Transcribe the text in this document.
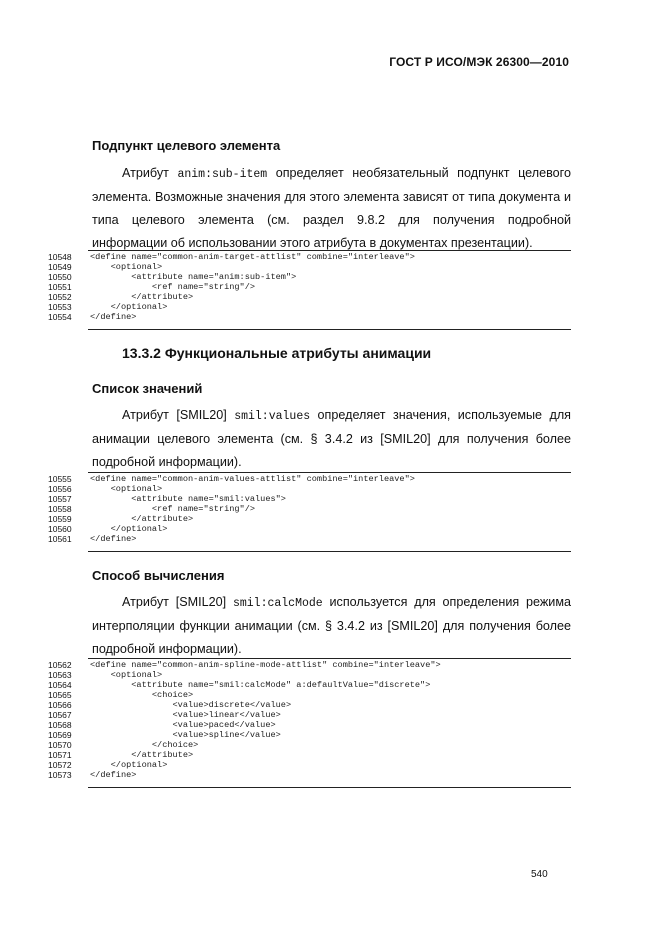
ГОСТ Р ИСО/МЭК 26300—2010
Подпункт целевого элемента
Атрибут anim:sub-item определяет необязательный подпункт целевого элемента. Возможные значения для этого элемента зависят от типа документа и типа целевого элемента (см. раздел 9.8.2 для получения подробной информации об использовании этого атрибута в документах презентации).
10548	<define name="common-anim-target-attlist" combine="interleave">
10549	<optional>
10550	<attribute name="anim:sub-item">
10551	<ref name="string"/>
10552	</attribute>
10553	</optional>
10554	</define>
13.3.2 Функциональные атрибуты анимации
Список значений
Атрибут [SMIL20] smil:values определяет значения, используемые для анимации целевого элемента (см. § 3.4.2 из [SMIL20] для получения более подробной информации).
10555	<define name="common-anim-values-attlist" combine="interleave">
10556	<optional>
10557	<attribute name="smil:values">
10558	<ref name="string"/>
10559	</attribute>
10560	</optional>
10561	</define>
Способ вычисления
Атрибут [SMIL20] smil:calcMode используется для определения режима интерполяции функции анимации (см. § 3.4.2 из [SMIL20] для получения более подробной информации).
10562	<define name="common-anim-spline-mode-attlist" combine="interleave">
10563	<optional>
10564	<attribute name="smil:calcMode" a:defaultValue="discrete">
10565	<choice>
10566	<value>discrete</value>
10567	<value>linear</value>
10568	<value>paced</value>
10569	<value>spline</value>
10570	</choice>
10571	</attribute>
10572	</optional>
10573	</define>
540
